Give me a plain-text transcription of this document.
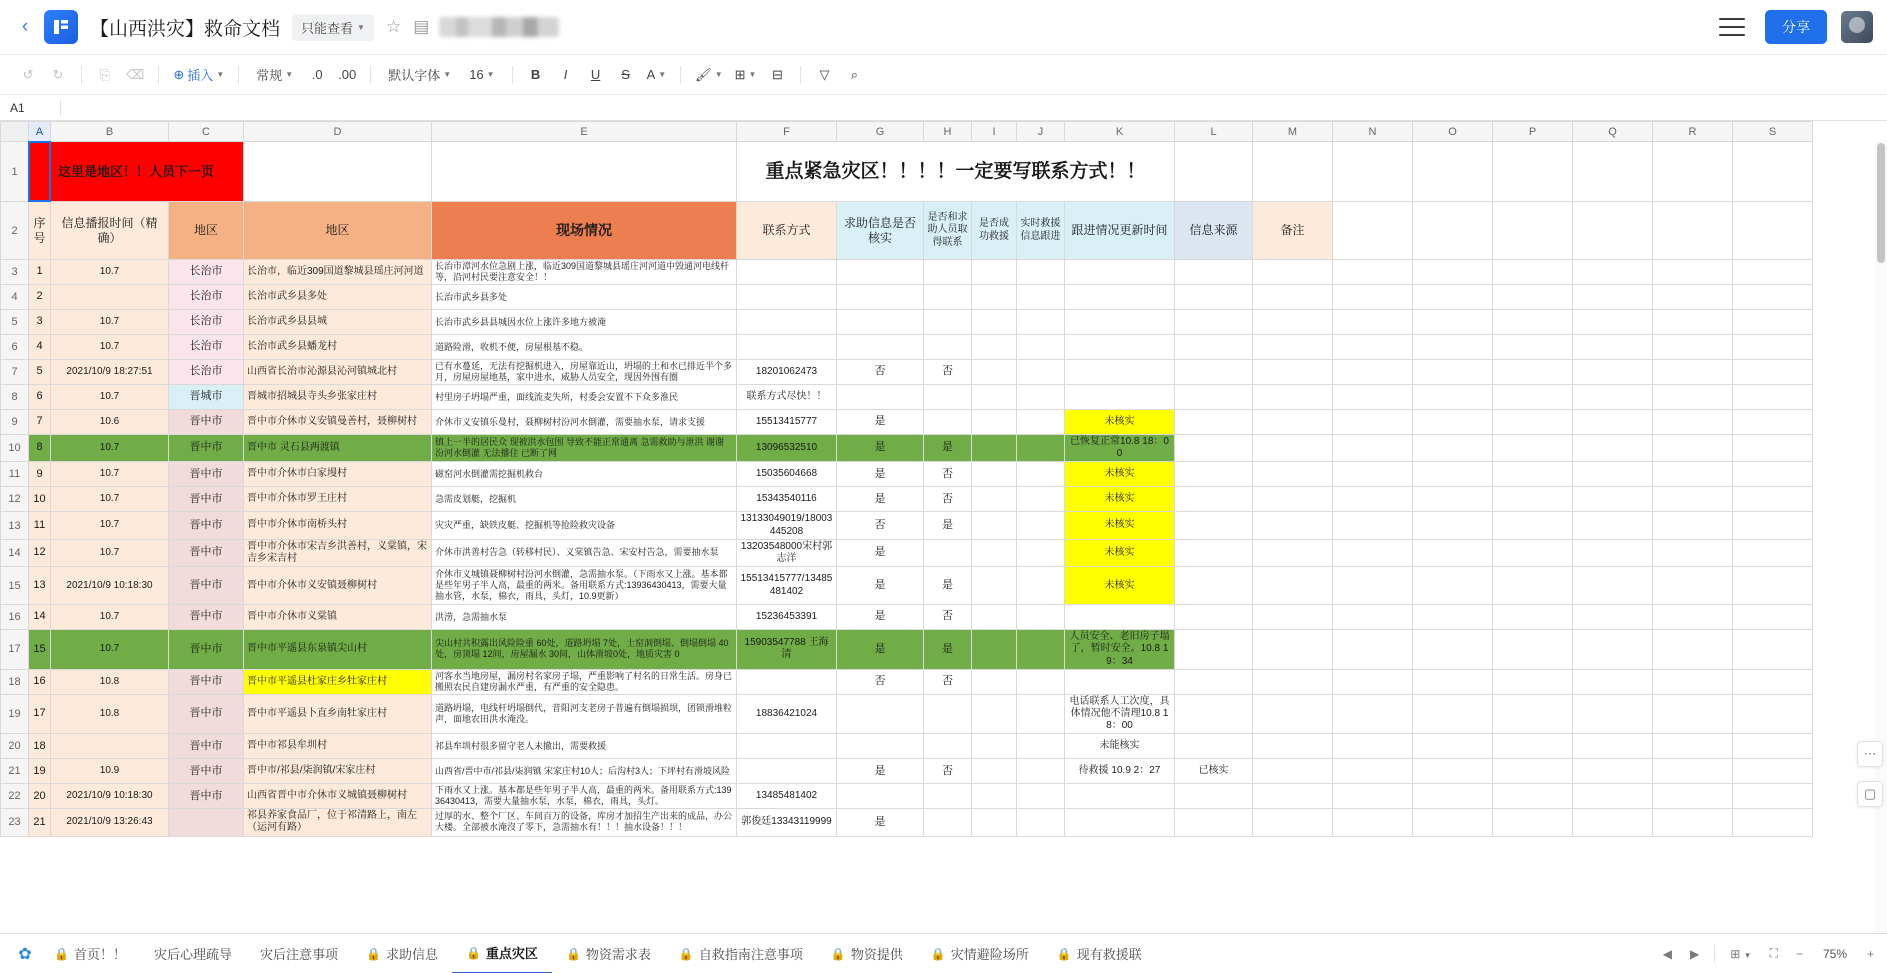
‹	【山西洪灾】救命文档 只能查看 ▼ ☆ ▤	分享
↺	↻	⎘	⌫	⊕ 插入 ▼ 常规 ▼	.0	.00	默认字体 ▼ 16 ▼	B	I	U	S	A ▼ 🖌 ▼ ⊞ ▼	⊟	▽	⌕
A1
	A	B	C	D	E	F	G	H	I	J	K	L	M	N	O	P	Q	R	S
1	这里是地区！！人员下一页					重点紧急灾区！！！！一定要写联系方式！！													
2	序号	信息播报时间（精确）	地区	地区	现场情况	联系方式	求助信息是否核实	是否和求助人员取得联系	是否成功救援	实时救援信息跟进	跟进情况更新时间	信息来源	备注						
3	1	10.7	长治市	长治市，临近309国道黎城县瑶庄河河道	长治市漳河水位急剧上涨，临近309国道黎城县瑶庄河河道中毁通河电线杆等，沿河村民要注意安全！！														
4	2		长治市	长治市武乡县多处	长治市武乡县多处														
5	3	10.7	长治市	长治市武乡县县城	长治市武乡县县城因水位上涨许多地方被淹														
6	4	10.7	长治市	长治市武乡县蟠龙村	道路险滑，收机不便，房屋根基不稳。														
7	5	2021/10/9 18:27:51	长治市	山西省长治市沁源县沁河镇城北村	已有水蔓延，无法有挖掘机进入，房屋靠近山，坍塌的土和水已排近半个多月，房屋房屋地基，家中进水，威胁人员安全，现因外围有圈	18201062473	否	否											
8	6	10.7	晋城市	晋城市招城县寺头乡张家庄村	村里房子坍塌严重，面线流麦失所，村委会安置不下众多淮民	联系方式尽快！！													
9	7	10.6	晋中市	晋中市介休市义安镇曼善村，聂柳树村	介休市义安镇乐曼村，聂柳树村汾河水倒灌，需要抽水泵，请求支援	15513415777	是				未核实								
10	8	10.7	晋中市	晋中市 灵石县两渡镇	镇上一半的居民众 现被洪水包围 导致不能正常通离 急需救助与泄洪 谢谢 汾河水倒灌 无法播住 已断了网	13096532510	是	是			已恢复正常10.8 18：00								
11	9	10.7	晋中市	晋中市介休市白家墁村	磁窑河水倒灌需挖掘机救台	15035604668	是	否			未核实								
12	10	10.7	晋中市	晋中市介休市罗王庄村	急需皮划艇，挖掘机	15343540116	是	否			未核实								
13	11	10.7	晋中市	晋中市介休市南桥头村	灾灾严重，缺铁皮艇、挖掘机等抢险救灾设备	13133049019/18003445208	否	是			未核实								
14	12	10.7	晋中市	晋中市介休市宋吉乡洪善村，义棠镇，宋吉乡宋吉村	介休市洪善村告急（转移村民）、义棠镇告急、宋安村告急，需要抽水泵	13203548000宋村郭志洋	是				未核实								
15	13	2021/10/9 10:18:30	晋中市	晋中市介休市义安镇聂柳树村	介休市义城镇聂柳树村汾河水倒灌，急需抽水泵。（下雨水又上涨。基本都是些年男子半人高，最重的两米。备用联系方式:13936430413，需要大量抽水管，水泵，棉衣，雨具，头灯，10.9更新）	15513415777/13485481402	是	是			未核实								
16	14	10.7	晋中市	晋中市介休市义棠镇	洪涝，急需抽水泵	15236453391	是	否											
17	15	10.7	晋中市	晋中市平遥县东泉镇尖山村	尖山村共积露出风险险重 60处，道路坍塌 7处，土窑洞倒塌、倒塌倒塌 40处，房顶塌 12间，房屋漏水 30间，山体滑坡0处，地质灾害 0	15903547788 王海清	是	是			人员安全、老旧房子塌了，暂时安全。10.8 19：34								
18	16	10.8	晋中市	晋中市平遥县杜家庄乡牡家庄村	河客水当地房屋，漏房村名家房子塌，严重影响了村名的日常生活。房身已搬照农民自建房漏水严重，有严重的安全隐患。		否	否											
19	17	10.8	晋中市	晋中市平遥县卜直乡南牡家庄村	道路坍塌，电线杆坍塌倒代，昔阳河支老房子普遍有倒塌损坝，团锁滑堆粒声，面地农田洪水淹没。	18836421024					电话联系人工次度，具体情况他不清理10.8 18：00								
20	18		晋中市	晋中市祁县牟圳村	祁县牟圳村很多留守老人未撤出，需要救援						未能核实								
21	19	10.9	晋中市	晋中市/祁县/柒润镇/宋家庄村	山西省/晋中市/祁县/柒润镇 宋家庄村10人；后沟村3人；下坪村有滑坡风险		是	否			待救援 10.9 2：27	已核实							
22	20	2021/10/9 10:18:30	晋中市	山西省晋中市介休市义城镇聂柳树村	下雨水又上涨。基本都是些年男子半人高，最重的两米。备用联系方式:13936430413，需要大量抽水泵，水泵，棉衣，雨具，头灯。	13485481402													
23	21	2021/10/9 13:26:43		祁县养家食品厂，位于祁清路上，南左（运河有路）	过厚的水、整个厂区、车间百万的设备，库房才加招生产出来的成品，办公大楼。全部被水淹沒了零下，急需抽水有！！！抽水设备！！！	郭俊廷13343119999	是												
⋯
▢
✿	🔒 首页！！ 灾后心理疏导 灾后注意事项 🔒 求助信息 🔒 重点灾区 🔒 物资需求表 🔒 自救指南注意事项 🔒 物资提供 🔒 灾情避险场所 🔒 现有救援联	◀ ▶	⊞ ▼ ⛶ −	75%	+
